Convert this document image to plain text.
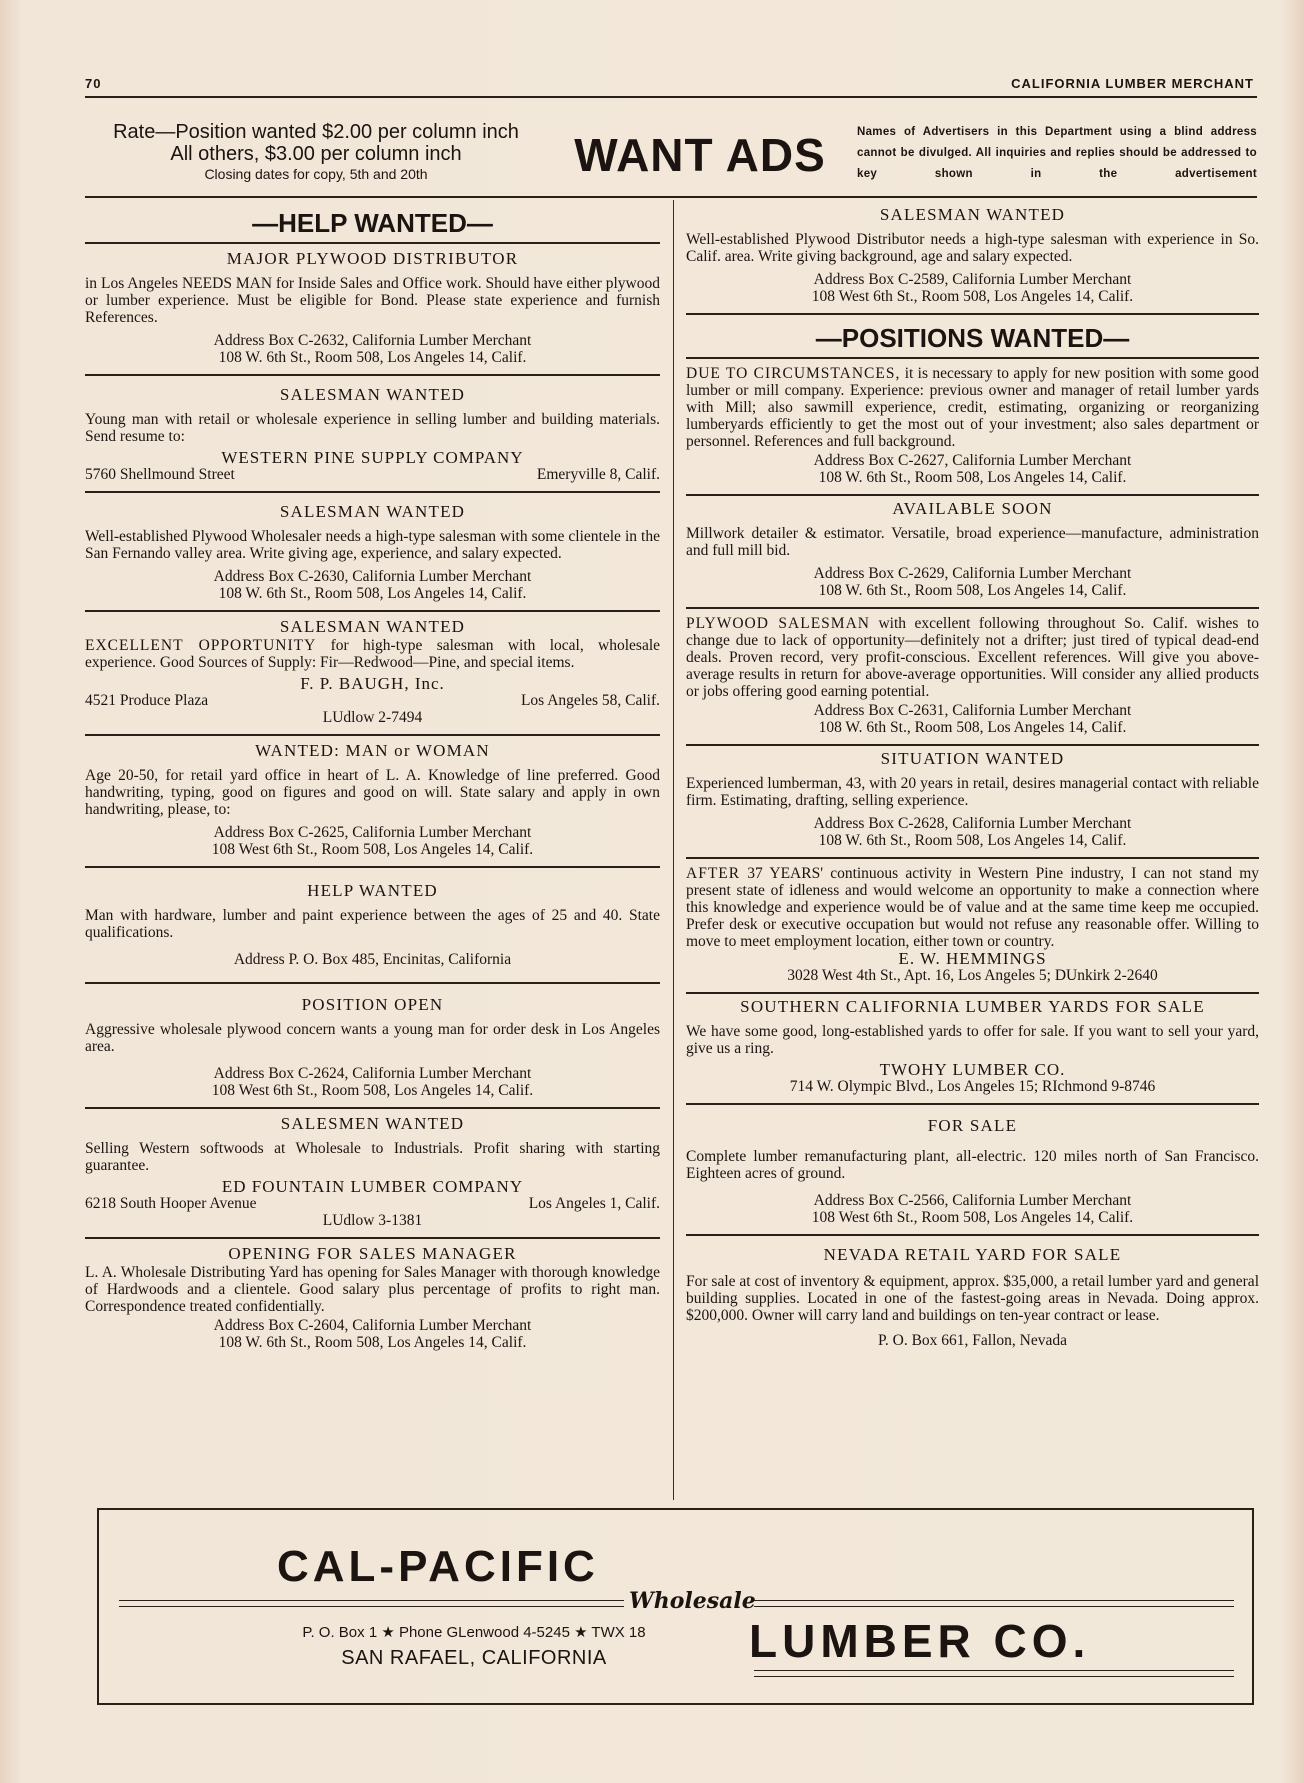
70	CALIFORNIA LUMBER MERCHANT
Rate—Position wanted $2.00 per column inch
All others, $3.00 per column inch
Closing dates for copy, 5th and 20th	WANT ADS	Names of Advertisers in this Department using a blind address cannot be divulged. All inquiries and replies should be addressed to key shown in the advertisement
—HELP WANTED—
MAJOR PLYWOOD DISTRIBUTOR
in Los Angeles NEEDS MAN for Inside Sales and Office work. Should have either plywood or lumber experience. Must be eligible for Bond. Please state experience and furnish References.
Address Box C-2632, California Lumber Merchant
108 W. 6th St., Room 508, Los Angeles 14, Calif.
SALESMAN WANTED
Young man with retail or wholesale experience in selling lumber and building materials. Send resume to:
WESTERN PINE SUPPLY COMPANY
5760 Shellmound Street	Emeryville 8, Calif.
SALESMAN WANTED
Well-established Plywood Wholesaler needs a high-type salesman with some clientele in the San Fernando valley area. Write giving age, experience, and salary expected.
Address Box C-2630, California Lumber Merchant
108 W. 6th St., Room 508, Los Angeles 14, Calif.
SALESMAN WANTED
EXCELLENT OPPORTUNITY for high-type salesman with local, wholesale experience. Good Sources of Supply: Fir—Redwood—Pine, and special items.
F. P. BAUGH, Inc.
4521 Produce Plaza	Los Angeles 58, Calif.
LUdlow 2-7494
WANTED: MAN or WOMAN
Age 20-50, for retail yard office in heart of L. A. Knowledge of line preferred. Good handwriting, typing, good on figures and good on will. State salary and apply in own handwriting, please, to:
Address Box C-2625, California Lumber Merchant
108 West 6th St., Room 508, Los Angeles 14, Calif.
HELP WANTED
Man with hardware, lumber and paint experience between the ages of 25 and 40. State qualifications.
Address P. O. Box 485, Encinitas, California
POSITION OPEN
Aggressive wholesale plywood concern wants a young man for order desk in Los Angeles area.
Address Box C-2624, California Lumber Merchant
108 West 6th St., Room 508, Los Angeles 14, Calif.
SALESMEN WANTED
Selling Western softwoods at Wholesale to Industrials. Profit sharing with starting guarantee.
ED FOUNTAIN LUMBER COMPANY
6218 South Hooper Avenue	Los Angeles 1, Calif.
LUdlow 3-1381
OPENING FOR SALES MANAGER
L. A. Wholesale Distributing Yard has opening for Sales Manager with thorough knowledge of Hardwoods and a clientele. Good salary plus percentage of profits to right man. Correspondence treated confidentially.
Address Box C-2604, California Lumber Merchant
108 W. 6th St., Room 508, Los Angeles 14, Calif.
SALESMAN WANTED
Well-established Plywood Distributor needs a high-type salesman with experience in So. Calif. area. Write giving background, age and salary expected.
Address Box C-2589, California Lumber Merchant
108 West 6th St., Room 508, Los Angeles 14, Calif.
—POSITIONS WANTED—
DUE TO CIRCUMSTANCES, it is necessary to apply for new position with some good lumber or mill company. Experience: previous owner and manager of retail lumber yards with Mill; also sawmill experience, credit, estimating, organizing or reorganizing lumberyards efficiently to get the most out of your investment; also sales department or personnel. References and full background.
Address Box C-2627, California Lumber Merchant
108 W. 6th St., Room 508, Los Angeles 14, Calif.
AVAILABLE SOON
Millwork detailer & estimator. Versatile, broad experience—manufacture, administration and full mill bid.
Address Box C-2629, California Lumber Merchant
108 W. 6th St., Room 508, Los Angeles 14, Calif.
PLYWOOD SALESMAN with excellent following throughout So. Calif. wishes to change due to lack of opportunity—definitely not a drifter; just tired of typical dead-end deals. Proven record, very profit-conscious. Excellent references. Will give you above-average results in return for above-average opportunities. Will consider any allied products or jobs offering good earning potential.
Address Box C-2631, California Lumber Merchant
108 W. 6th St., Room 508, Los Angeles 14, Calif.
SITUATION WANTED
Experienced lumberman, 43, with 20 years in retail, desires managerial contact with reliable firm. Estimating, drafting, selling experience.
Address Box C-2628, California Lumber Merchant
108 W. 6th St., Room 508, Los Angeles 14, Calif.
AFTER 37 YEARS' continuous activity in Western Pine industry, I can not stand my present state of idleness and would welcome an opportunity to make a connection where this knowledge and experience would be of value and at the same time keep me occupied. Prefer desk or executive occupation but would not refuse any reasonable offer. Willing to move to meet employment location, either town or country.
E. W. HEMMINGS
3028 West 4th St., Apt. 16, Los Angeles 5; DUnkirk 2-2640
SOUTHERN CALIFORNIA LUMBER YARDS FOR SALE
We have some good, long-established yards to offer for sale. If you want to sell your yard, give us a ring.
TWOHY LUMBER CO.
714 W. Olympic Blvd., Los Angeles 15; RIchmond 9-8746
FOR SALE
Complete lumber remanufacturing plant, all-electric. 120 miles north of San Francisco. Eighteen acres of ground.
Address Box C-2566, California Lumber Merchant
108 West 6th St., Room 508, Los Angeles 14, Calif.
NEVADA RETAIL YARD FOR SALE
For sale at cost of inventory & equipment, approx. $35,000, a retail lumber yard and general building supplies. Located in one of the fastest-going areas in Nevada. Doing approx. $200,000. Owner will carry land and buildings on ten-year contract or lease.
P. O. Box 661, Fallon, Nevada
CAL-PACIFIC
Wholesale
P. O. Box 1 ★ Phone GLenwood 4-5245 ★ TWX 18
SAN RAFAEL, CALIFORNIA	LUMBER CO.
